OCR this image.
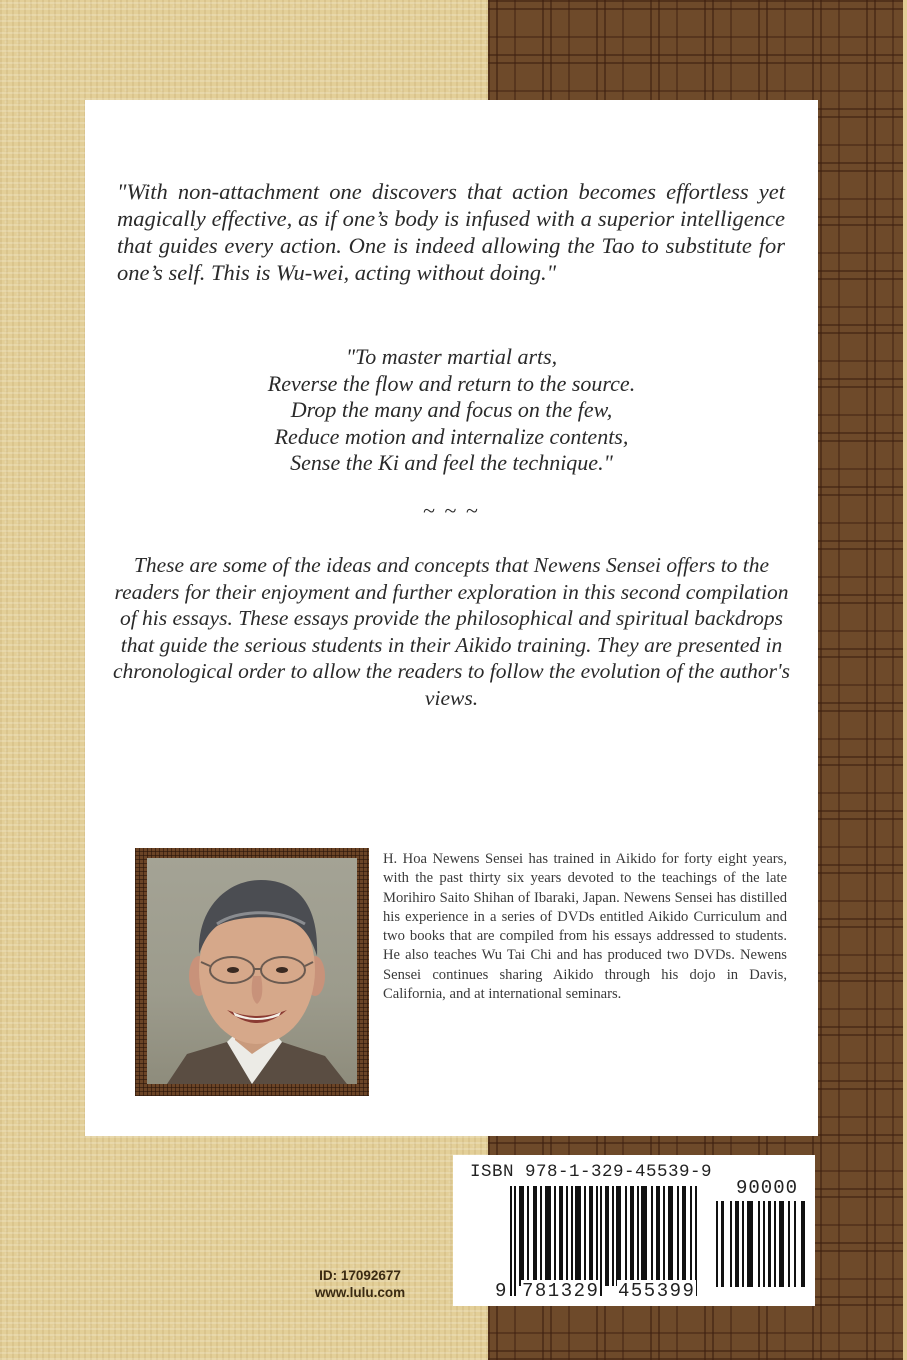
"With non-attachment one discovers that action becomes effortless yet magically effective, as if one’s body is infused with a superior intelligence that guides every action. One is indeed allowing the Tao to substitute for one’s self. This is Wu-wei, acting without doing."

"To master martial arts,
Reverse the flow and return to the source.
Drop the many and focus on the few,
Reduce motion and internalize contents,
Sense the Ki and feel the technique."
~ ~ ~

These are some of the ideas and concepts that Newens Sensei offers to the readers for their enjoyment and further exploration in this second compilation of his essays. These essays provide the philosophical and spiritual backdrops that guide the serious students in their Aikido training. They are presented in chronological order to allow the readers to follow the evolution of the author's views.

H. Hoa Newens Sensei has trained in Aikido for forty eight years, with the past thirty six years devoted to the teachings of the late Morihiro Saito Shihan of Ibaraki, Japan. Newens Sensei has distilled his experience in a series of DVDs entitled Aikido Curriculum and two books that are compiled from his essays addressed to students. He also teaches Wu Tai Chi and has produced two DVDs. Newens Sensei continues sharing Aikido through his dojo in Davis, California, and at international seminars.

ISBN 978-1-329-45539-9
90000
9 781329 455399
ID: 17092677
www.lulu.com
